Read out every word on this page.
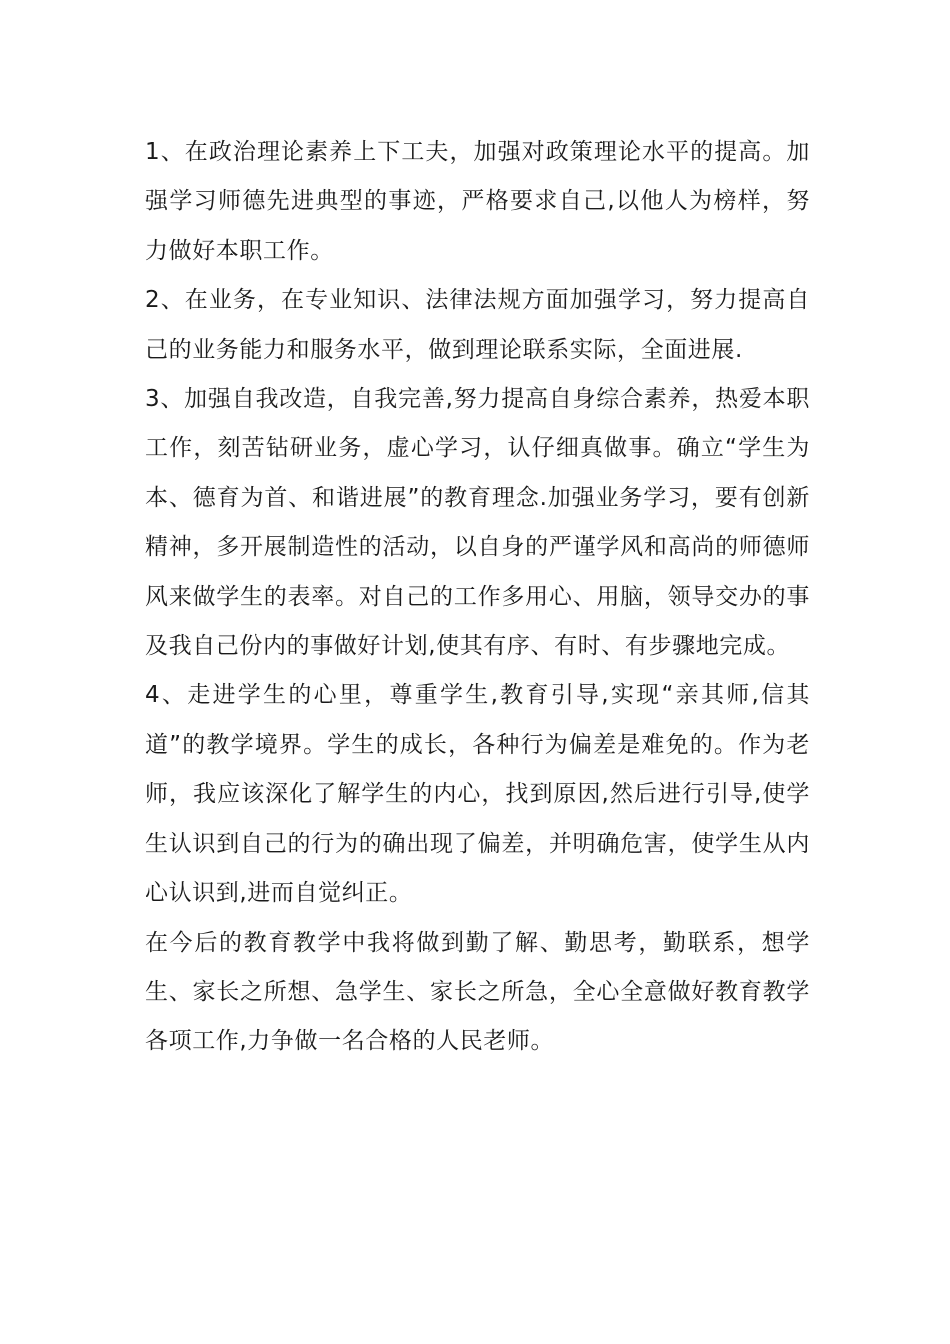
1、在政治理论素养上下工夫，加强对政策理论水平的提高。加强学习师德先进典型的事迹，严格要求自己,以他人为榜样，努力做好本职工作。

2、在业务，在专业知识、法律法规方面加强学习，努力提高自己的业务能力和服务水平，做到理论联系实际，全面进展.

3、加强自我改造，自我完善,努力提高自身综合素养，热爱本职工作，刻苦钻研业务，虚心学习，认仔细真做事。确立“学生为本、德育为首、和谐进展”的教育理念.加强业务学习，要有创新精神，多开展制造性的活动，以自身的严谨学风和高尚的师德师风来做学生的表率。对自己的工作多用心、用脑，领导交办的事及我自己份内的事做好计划,使其有序、有时、有步骤地完成。

4、走进学生的心里，尊重学生,教育引导,实现“亲其师,信其道”的教学境界。学生的成长，各种行为偏差是难免的。作为老师，我应该深化了解学生的内心，找到原因,然后进行引导,使学生认识到自己的行为的确出现了偏差，并明确危害，使学生从内心认识到,进而自觉纠正。

在今后的教育教学中我将做到勤了解、勤思考，勤联系，想学生、家长之所想、急学生、家长之所急，全心全意做好教育教学各项工作,力争做一名合格的人民老师。
